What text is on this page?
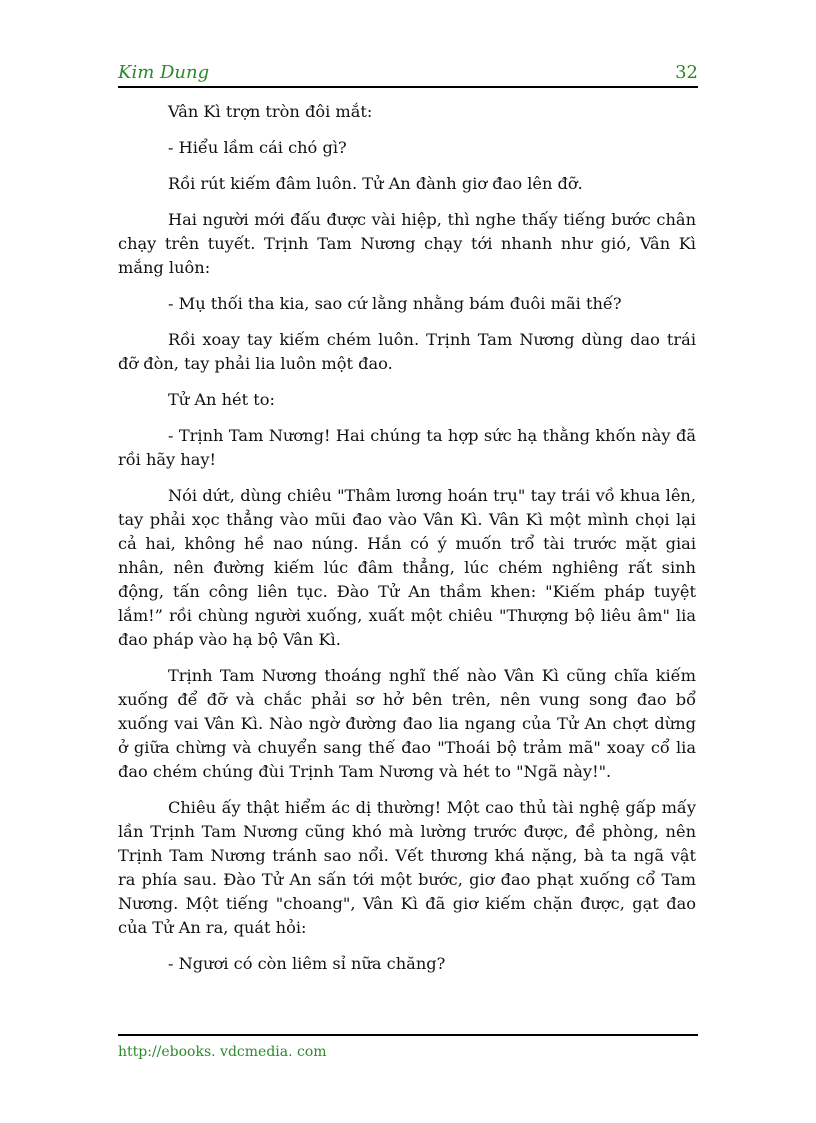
Kim Dung	32

Vân Kì trợn tròn đôi mắt:

- Hiểu lầm cái chó gì?

Rồi rút kiếm đâm luôn. Tử An đành giơ đao lên đỡ.

Hai người mới đấu được vài hiệp, thì nghe thấy tiếng bước chân chạy trên tuyết. Trịnh Tam Nương chạy tới nhanh như gió, Vân Kì mắng luôn:

- Mụ thối tha kia, sao cứ lằng nhằng bám đuôi mãi thế?

Rồi xoay tay kiếm chém luôn. Trịnh Tam Nương dùng dao trái đỡ đòn, tay phải lia luôn một đao.

Tử An hét to:

- Trịnh Tam Nương! Hai chúng ta hợp sức hạ thằng khốn này đã rồi hãy hay!

Nói dứt, dùng chiêu "Thâm lương hoán trụ" tay trái vồ khua lên, tay phải xọc thẳng vào mũi đao vào Vân Kì. Vân Kì một mình chọi lại cả hai, không hề nao núng. Hắn có ý muốn trổ tài trước mặt giai nhân, nên đường kiếm lúc đâm thẳng, lúc chém nghiêng rất sinh động, tấn công liên tục. Đào Tử An thầm khen: "Kiếm pháp tuyệt lắm!” rồi chùng người xuống, xuất một chiêu "Thượng bộ liêu âm" lia đao pháp vào hạ bộ Vân Kì.

Trịnh Tam Nương thoáng nghĩ thế nào Vân Kì cũng chĩa kiếm xuống để đỡ và chắc phải sơ hở bên trên, nên vung song đao bổ xuống vai Vân Kì. Nào ngờ đường đao lia ngang của Tử An chợt dừng ở giữa chừng và chuyển sang thế đao "Thoái bộ trảm mã" xoay cổ lia đao chém chúng đùi Trịnh Tam Nương và hét to "Ngã này!".

Chiêu ấy thật hiểm ác dị thường! Một cao thủ tài nghệ gấp mấy lần Trịnh Tam Nương cũng khó mà lường trước được, đề phòng, nên Trịnh Tam Nương tránh sao nổi. Vết thương khá nặng, bà ta ngã vật ra phía sau. Đào Tử An sấn tới một bước, giơ đao phạt xuống cổ Tam Nương. Một tiếng "choang", Vân Kì đã giơ kiếm chặn được, gạt đao của Tử An ra, quát hỏi:

- Ngươi có còn liêm sỉ nữa chăng?

http://ebooks. vdcmedia. com
